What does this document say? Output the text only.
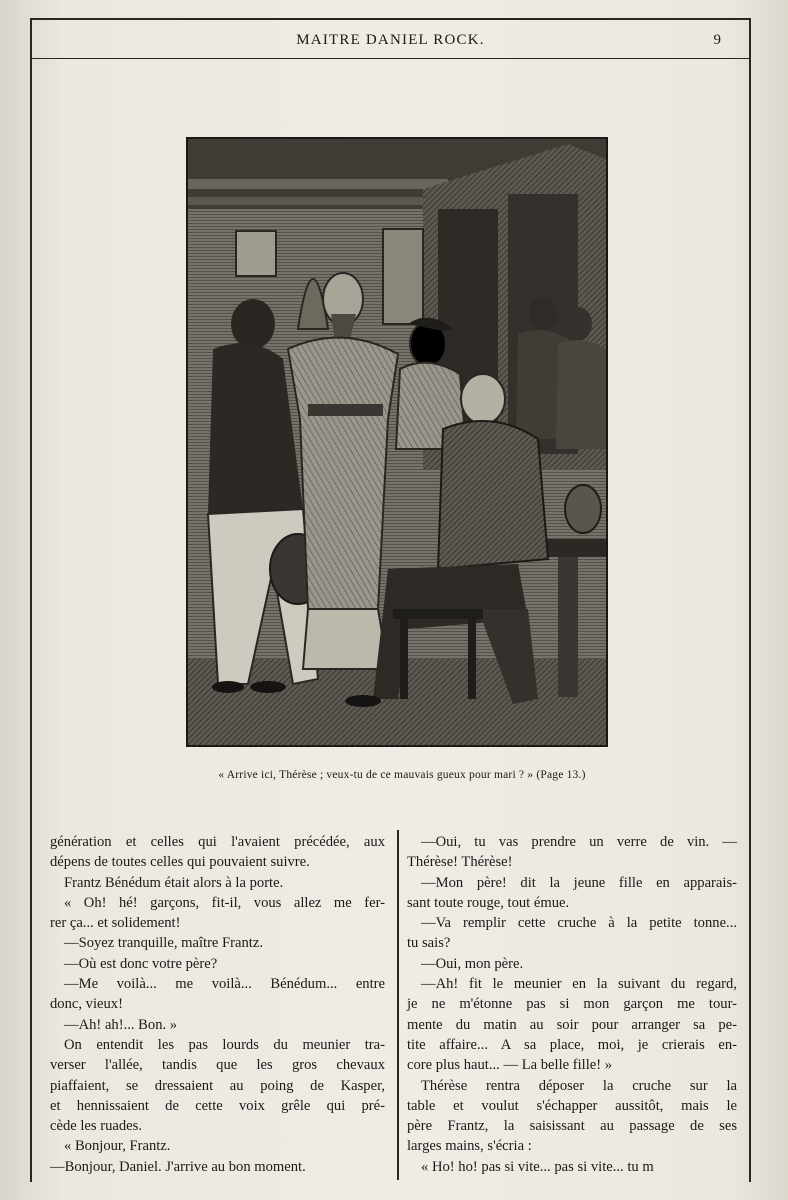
MAITRE DANIEL ROCK.	9
« Arrive ici, Thérèse ; veux-tu de ce mauvais gueux pour mari ? » (Page 13.)

génération et celles qui l'avaient précédée, aux

dépens de toutes celles qui pouvaient suivre.

Frantz Bénédum était alors à la porte.

« Oh! hé! garçons, fit-il, vous allez me fer-

rer ça... et solidement!

—Soyez tranquille, maître Frantz.

—Où est donc votre père?

—Me voilà... me voilà... Bénédum... entre

donc, vieux!

—Ah! ah!... Bon. »

On entendit les pas lourds du meunier tra-

verser l'allée, tandis que les gros chevaux

piaffaient, se dressaient au poing de Kasper,

et hennissaient de cette voix grêle qui pré-

cède les ruades.

« Bonjour, Frantz.

—Bonjour, Daniel. J'arrive au bon moment.

—Oui, tu vas prendre un verre de vin. —

Thérèse! Thérèse!

—Mon père! dit la jeune fille en apparais-

sant toute rouge, tout émue.

—Va remplir cette cruche à la petite tonne...

tu sais?

—Oui, mon père.

—Ah! fit le meunier en la suivant du regard,

je ne m'étonne pas si mon garçon me tour-

mente du matin au soir pour arranger sa pe-

tite affaire... A sa place, moi, je crierais en-

core plus haut... — La belle fille! »

Thérèse rentra déposer la cruche sur la

table et voulut s'échapper aussitôt, mais le

père Frantz, la saisissant au passage de ses

larges mains, s'écria :

« Ho! ho! pas si vite... pas si vite... tu m
